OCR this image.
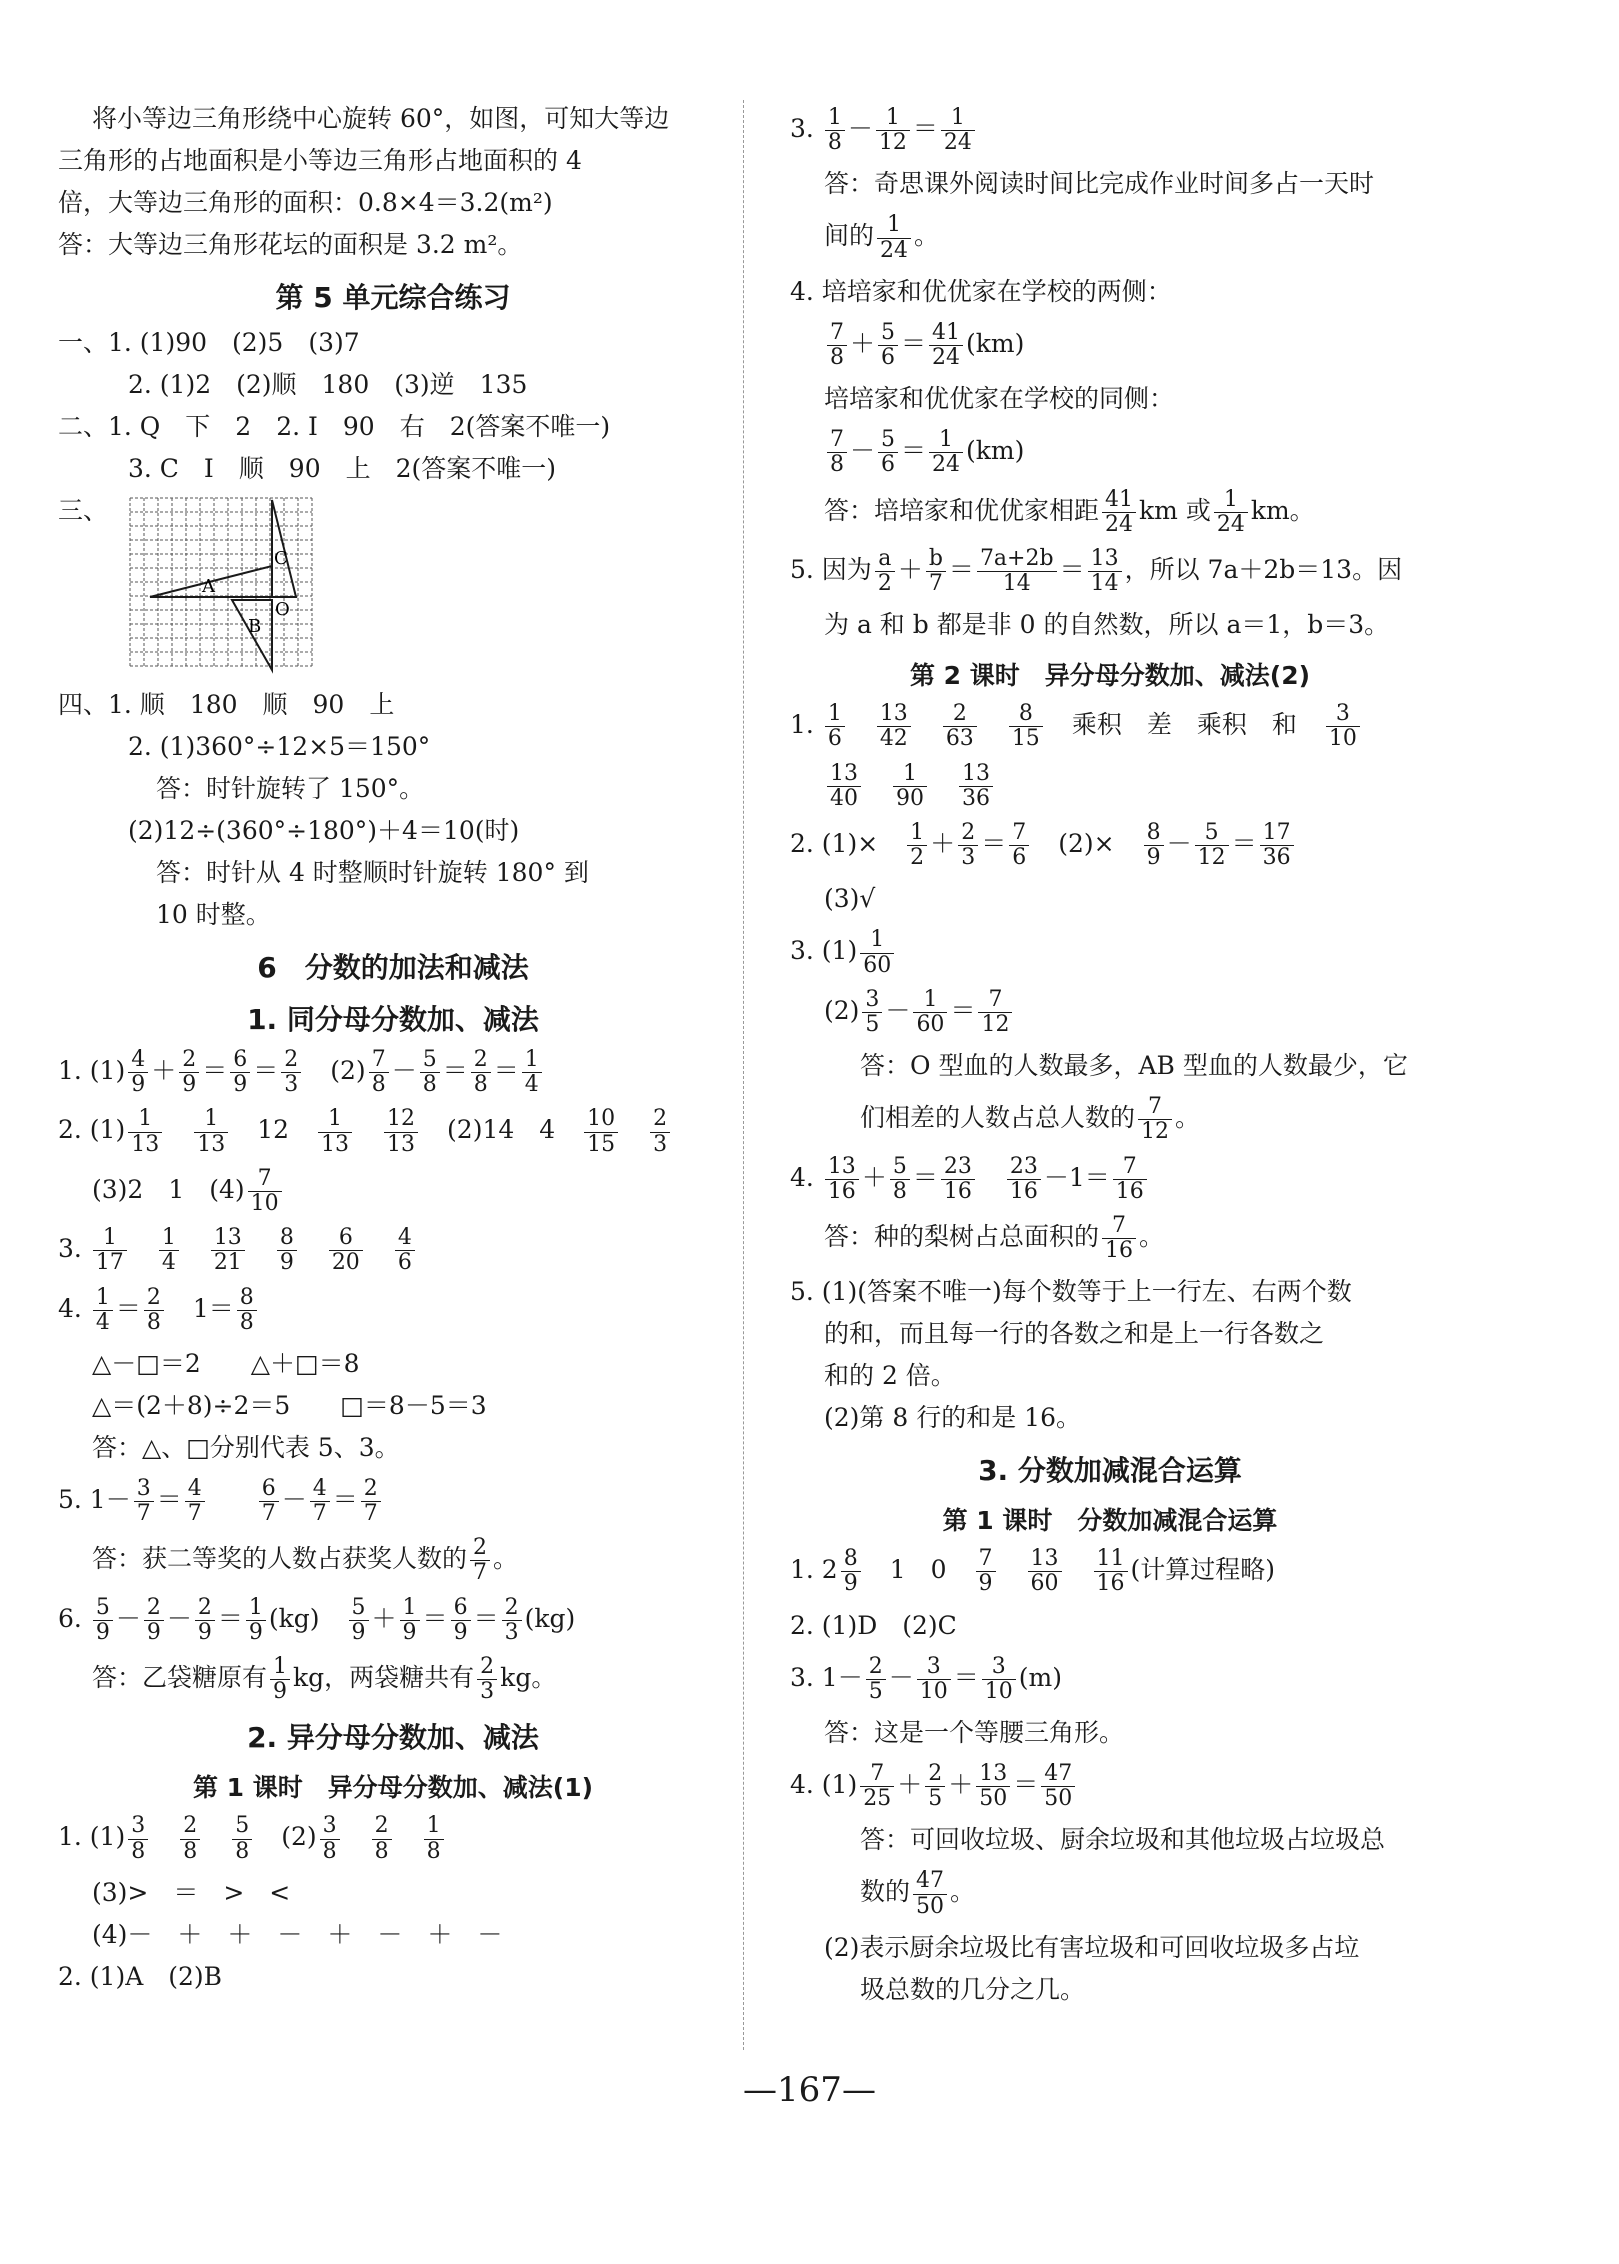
将小等边三角形绕中心旋转 60°，如图，可知大等边
三角形的占地面积是小等边三角形占地面积的 4
倍，大等边三角形的面积：0.8×4＝3.2(m²)
答：大等边三角形花坛的面积是 3.2 m²。
第 5 单元综合练习
一、1. (1)90　(2)5　(3)7
2. (1)2　(2)顺　180　(3)逆　135
二、1. Q　下　2　2. I　90　右　2(答案不唯一)
3. C　I　顺　90　上　2(答案不唯一)
三、
A
C
O
B
四、1. 顺　180　顺　90　上
2. (1)360°÷12×5＝150°
答：时针旋转了 150°。
(2)12÷(360°÷180°)＋4＝10(时)
答：时针从 4 时整顺时针旋转 180° 到
10 时整。
6　分数的加法和减法
1. 同分母分数加、减法
1. $(1) \frac{4}{9} + \frac{2}{9} = \frac{6}{9} = \frac{2}{3} (2) \frac{7}{8} - \frac{5}{8} = \frac{2}{8} = \frac{1}{4}$
2. $(1) \frac{1}{13} \frac{1}{13} 12 \frac{1}{13} \frac{12}{13} (2)14$　$4 \frac{10}{15} \frac{2}{3}$
(3)2　1　$(4) \frac{7}{10}$
3. $\frac{1}{17} \frac{1}{4} \frac{13}{21} \frac{8}{9} \frac{6}{20} \frac{4}{6}$
4. $\frac{1}{4} = \frac{2}{8} 1= \frac{8}{8}$
△－□＝2　　△＋□＝8
△＝(2＋8)÷2＝5　　□＝8－5＝3
答：△、□分别代表 5、3。
5. $1- \frac{3}{7} = \frac{4}{7} \frac{6}{7} - \frac{4}{7} = \frac{2}{7}$
答：获二等奖的人数占获奖人数的 $\frac{2}{7}$ 。
6. $\frac{5}{9} - \frac{2}{9} - \frac{2}{9} = \frac{1}{9} (kg) \frac{5}{9} + \frac{1}{9} = \frac{6}{9} = \frac{2}{3} (kg)$
答：乙袋糖原有 $\frac{1}{9}$ kg，两袋糖共有 $\frac{2}{3}$ kg。
2. 异分母分数加、减法
第 1 课时　异分母分数加、减法(1)
1. $(1) \frac{3}{8} \frac{2}{8} \frac{5}{8} (2) \frac{3}{8} \frac{2}{8} \frac{1}{8}$
(3)>　＝　>　<
(4)－　＋　＋　－　＋　－　＋　－
2. (1)A　(2)B
3. $\frac{1}{8} - \frac{1}{12} = \frac{1}{24}$
答：奇思课外阅读时间比完成作业时间多占一天时
间的 $\frac{1}{24}$ 。
4. 培培家和优优家在学校的两侧：
$\frac{7}{8} + \frac{5}{6} = \frac{41}{24} (km)$
培培家和优优家在学校的同侧：
$\frac{7}{8} - \frac{5}{6} = \frac{1}{24} (km)$
答：培培家和优优家相距 $\frac{41}{24}$ km 或 $\frac{1}{24}$ km。
5. 因为 $\frac{a}{2} + \frac{b}{7} = \frac{7a+2b}{14} = \frac{13}{14}$ ，所以 7a＋2b＝13。因
为 a 和 b 都是非 0 的自然数，所以 a＝1，b＝3。
第 2 课时　异分母分数加、减法(2)
1. $\frac{1}{6} \frac{13}{42} \frac{2}{63} \frac{8}{15}$ 乘积　差　乘积　和 $\frac{3}{10}$
$\frac{13}{40} \frac{1}{90} \frac{13}{36}$
2. $(1)\times \frac{1}{2} + \frac{2}{3} = \frac{7}{6} (2)\times \frac{8}{9} - \frac{5}{12} = \frac{17}{36}$
(3)√
3. $(1) \frac{1}{60}$
$(2) \frac{3}{5} - \frac{1}{60} = \frac{7}{12}$
答：O 型血的人数最多，AB 型血的人数最少，它
们相差的人数占总人数的 $\frac{7}{12}$ 。
4. $\frac{13}{16} + \frac{5}{8} = \frac{23}{16} \frac{23}{16} -1= \frac{7}{16}$
答：种的梨树占总面积的 $\frac{7}{16}$ 。
5. (1)(答案不唯一)每个数等于上一行左、右两个数
的和，而且每一行的各数之和是上一行各数之
和的 2 倍。
(2)第 8 行的和是 16。
3. 分数加减混合运算
第 1 课时　分数加减混合运算
1. $2 \frac{8}{9} 1$　$0 \frac{7}{9} \frac{13}{60} \frac{11}{16}$ (计算过程略)
2. (1)D　(2)C
3. $1- \frac{2}{5} - \frac{3}{10} = \frac{3}{10} (m)$
答：这是一个等腰三角形。
4. $(1) \frac{7}{25} + \frac{2}{5} + \frac{13}{50} = \frac{47}{50}$
答：可回收垃圾、厨余垃圾和其他垃圾占垃圾总
数的 $\frac{47}{50}$ 。
(2)表示厨余垃圾比有害垃圾和可回收垃圾多占垃
圾总数的几分之几。
—167—
